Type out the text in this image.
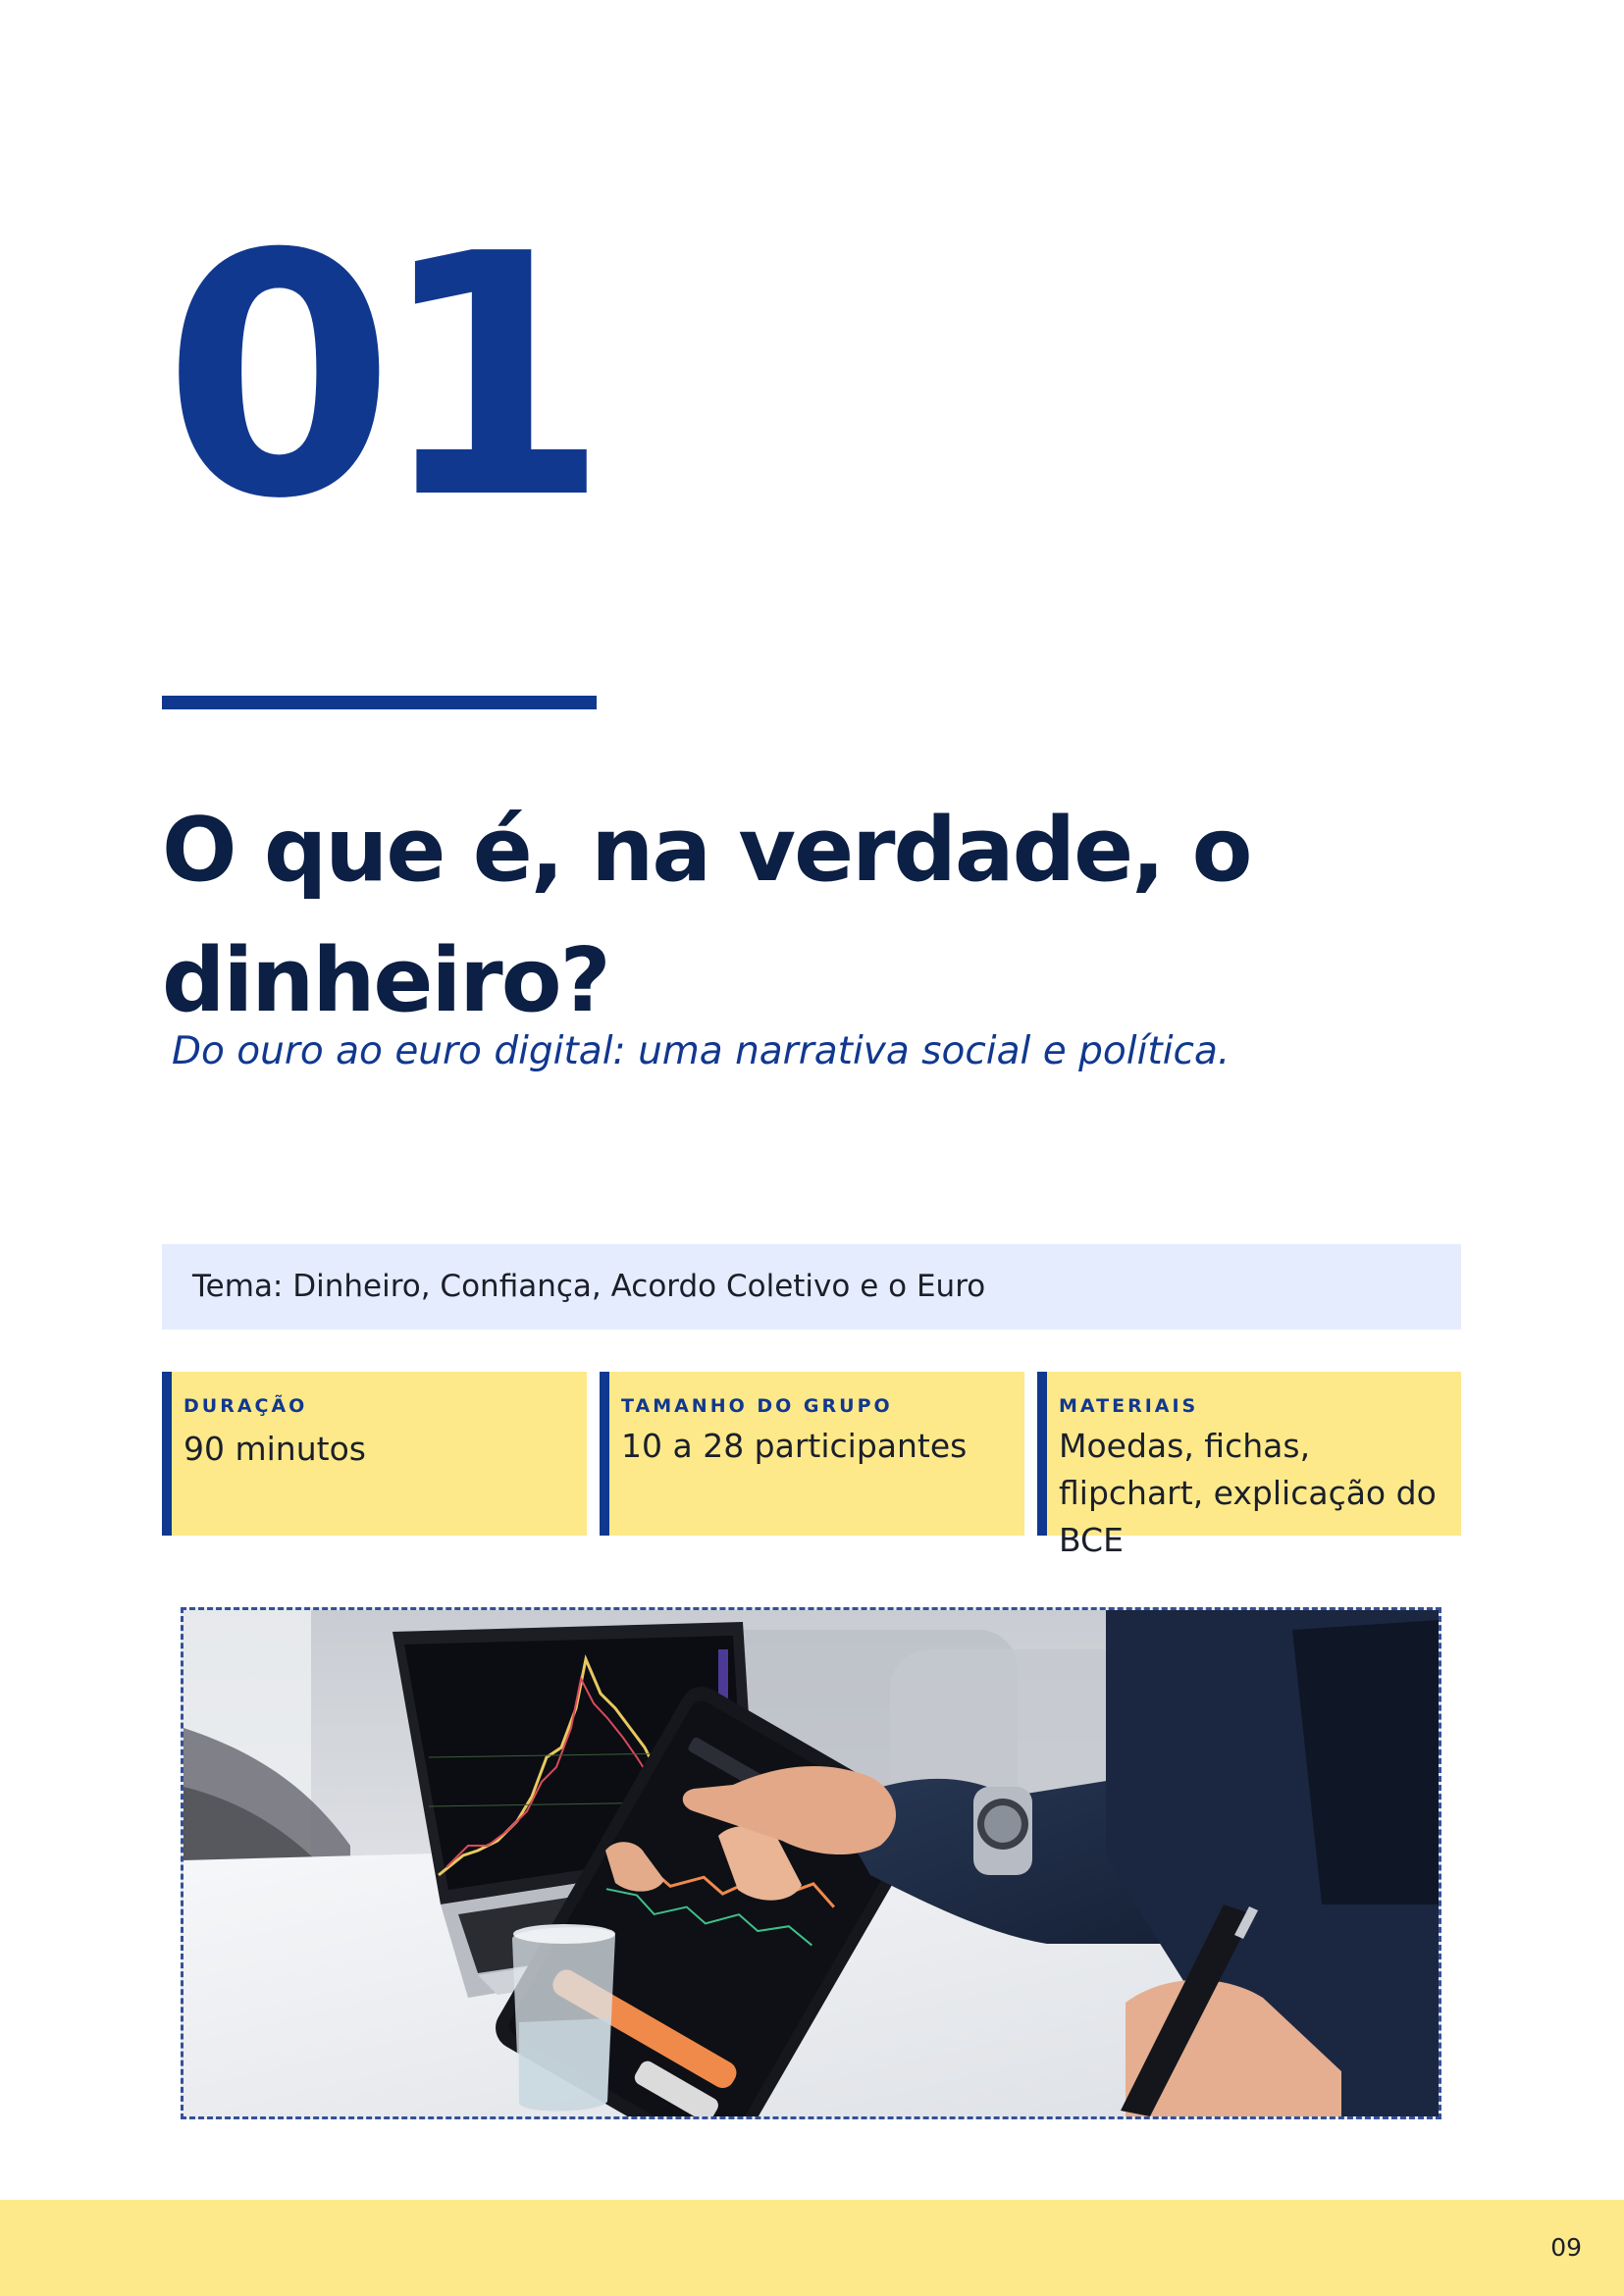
01
O que é, na verdade, o dinheiro?
Do ouro ao euro digital: uma narrativa social e política.
Tema: Dinheiro, Confiança, Acordo Coletivo e o Euro
DURAÇÃO
90 minutos
TAMANHO DO GRUPO
10 a 28 participantes
MATERIAIS
Moedas, fichas, flipchart, explicação do BCE
09
